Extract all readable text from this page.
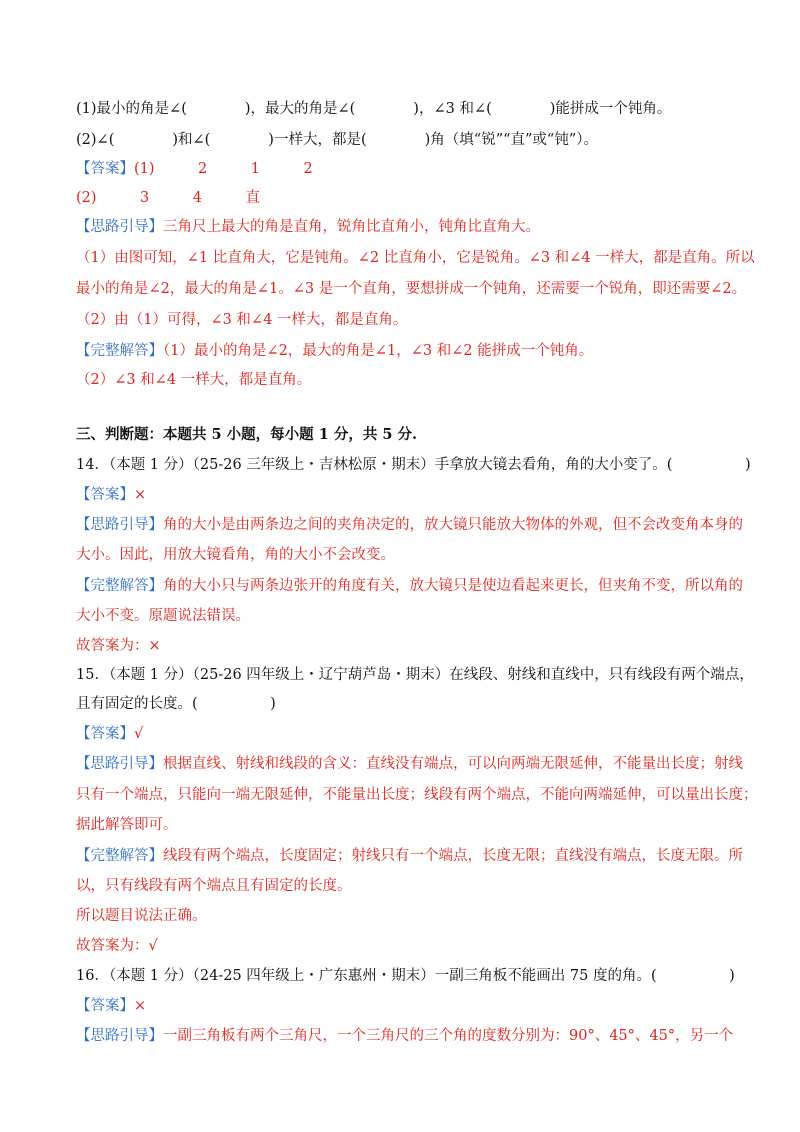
(1)最小的角是∠(　　　　)，最大的角是∠(　　　　)，∠3 和∠(　　　　)能拼成一个钝角。
(2)∠(　　　　)和∠(　　　　)一样大，都是(　　　　)角（填“锐”“直”或“钝”）。
【答案】(1)　　　2　　　1　　　2
(2)　　　3　　　4　　　直
【思路引导】三角尺上最大的角是直角，锐角比直角小，钝角比直角大。
（1）由图可知，∠1 比直角大，它是钝角。∠2 比直角小，它是锐角。∠3 和∠4 一样大，都是直角。所以
最小的角是∠2，最大的角是∠1。∠3 是一个直角，要想拼成一个钝角，还需要一个锐角，即还需要∠2。
（2）由（1）可得，∠3 和∠4 一样大，都是直角。
【完整解答】（1）最小的角是∠2，最大的角是∠1，∠3 和∠2 能拼成一个钝角。
（2）∠3 和∠4 一样大，都是直角。
三、判断题：本题共 5 小题，每小题 1 分，共 5 分.
14．（本题 1 分）（25-26 三年级上・吉林松原・期末）手拿放大镜去看角，角的大小变了。(　　　　　)
【答案】×
【思路引导】角的大小是由两条边之间的夹角决定的，放大镜只能放大物体的外观，但不会改变角本身的
大小。因此，用放大镜看角，角的大小不会改变。
【完整解答】角的大小只与两条边张开的角度有关，放大镜只是使边看起来更长，但夹角不变，所以角的
大小不变。原题说法错误。
故答案为：×
15．（本题 1 分）（25-26 四年级上・辽宁葫芦岛・期末）在线段、射线和直线中，只有线段有两个端点，
且有固定的长度。(　　　　　)
【答案】√
【思路引导】根据直线、射线和线段的含义：直线没有端点，可以向两端无限延伸，不能量出长度；射线
只有一个端点，只能向一端无限延伸，不能量出长度；线段有两个端点，不能向两端延伸，可以量出长度；
据此解答即可。
【完整解答】线段有两个端点，长度固定；射线只有一个端点，长度无限；直线没有端点，长度无限。所
以，只有线段有两个端点且有固定的长度。
所以题目说法正确。
故答案为：√
16．（本题 1 分）（24-25 四年级上・广东惠州・期末）一副三角板不能画出 75 度的角。(　　　　　)
【答案】×
【思路引导】一副三角板有两个三角尺，一个三角尺的三个角的度数分别为：90°、45°、45°，另一个
